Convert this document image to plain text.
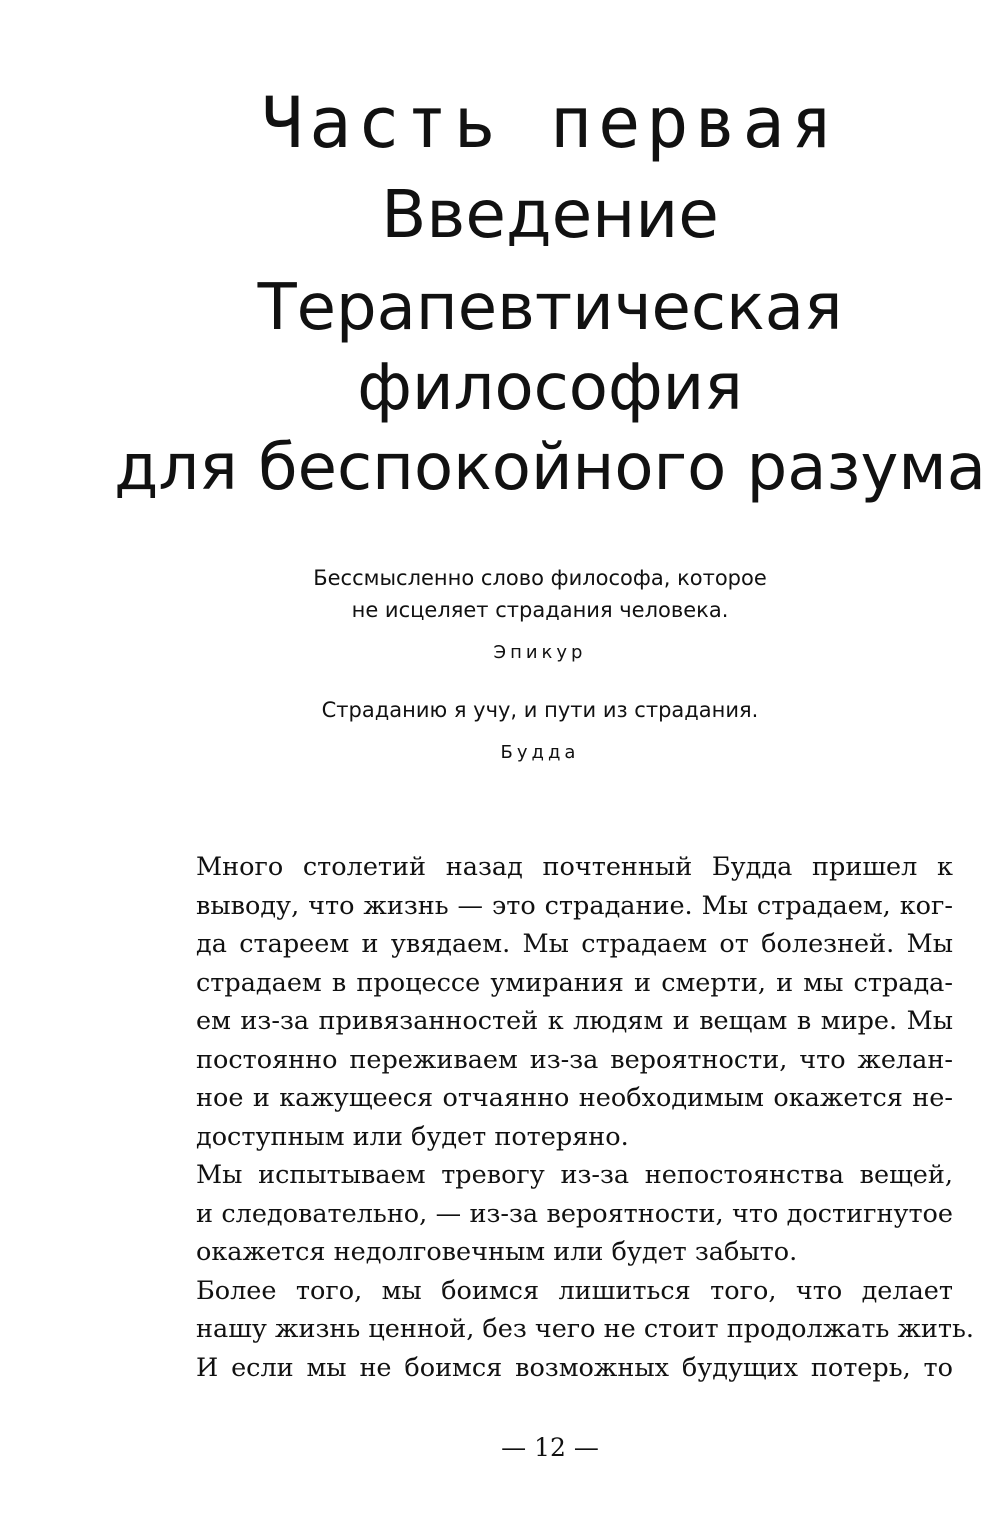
Часть первая
Введение
Терапевтическая
философия
для беспокойного разума

Бессмысленно слово философа, которое
не исцеляет страдания человека.

Эпикур

Страданию я учу, и пути из страдания.

Будда

Много столетий назад почтенный Будда пришел к
выводу, что жизнь — это страдание. Мы страдаем, ког-
да стареем и увядаем. Мы страдаем от болезней. Мы
страдаем в процессе умирания и смерти, и мы страда-
ем из-за привязанностей к людям и вещам в мире. Мы
постоянно переживаем из-за вероятности, что желан-
ное и кажущееся отчаянно необходимым окажется не-
доступным или будет потеряно.

Мы испытываем тревогу из-за непостоянства вещей,
и следовательно, — из-за вероятности, что достигнутое
окажется недолговечным или будет забыто.

Более того, мы боимся лишиться того, что делает
нашу жизнь ценной, без чего не стоит продолжать жить.
И если мы не боимся возможных будущих потерь, то

— 12 —
